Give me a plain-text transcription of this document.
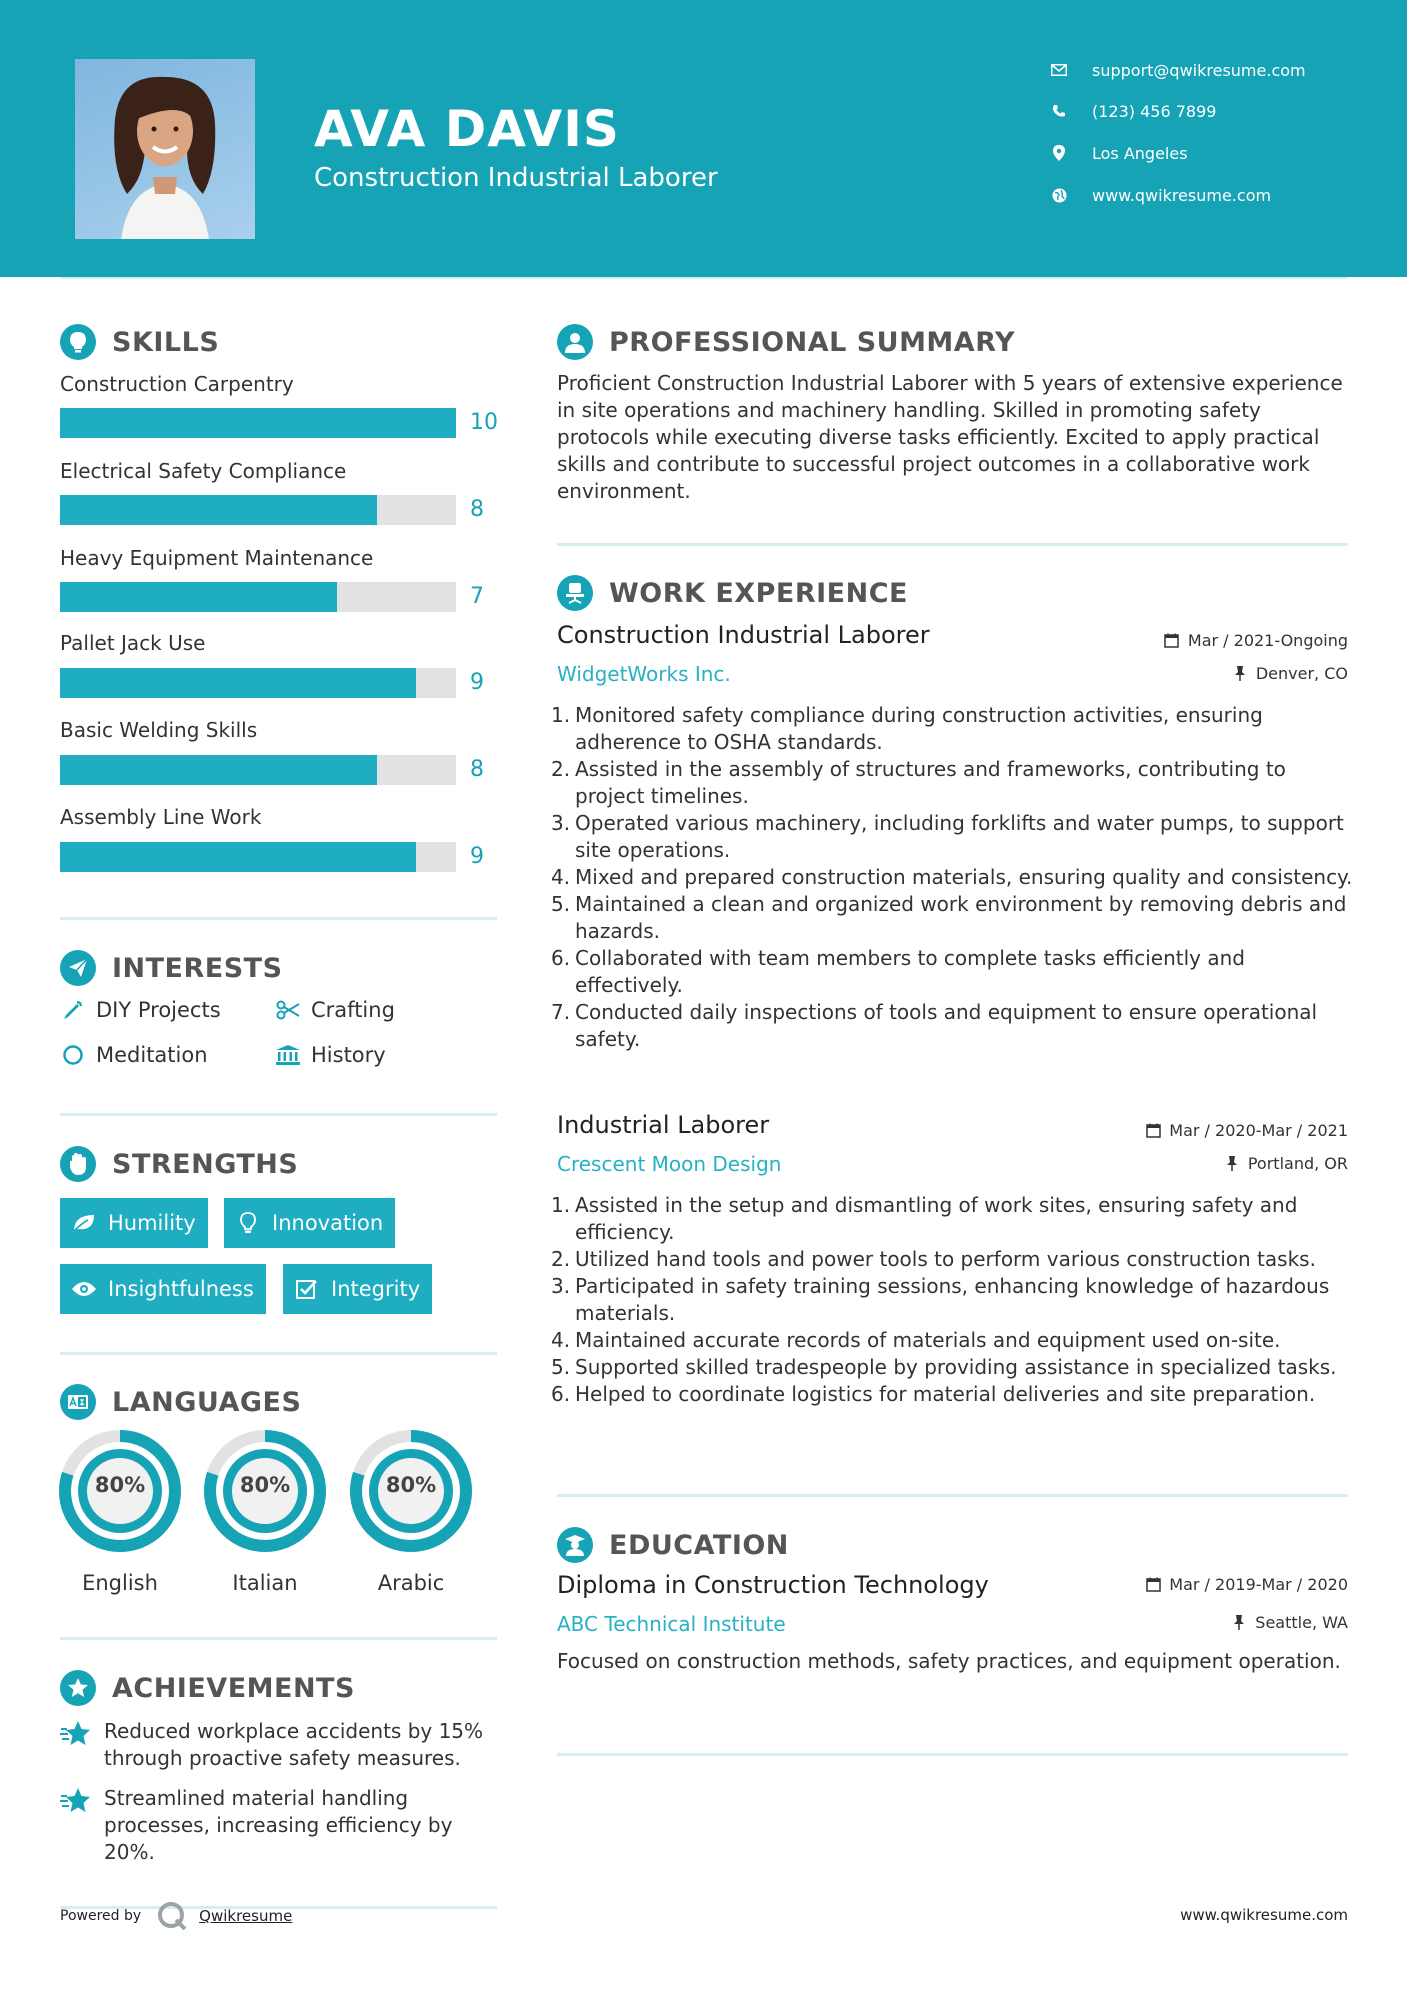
AVA DAVIS
Construction Industrial Laborer
support@qwikresume.com
(123) 456 7899
Los Angeles
www.qwikresume.com
SKILLS
Construction Carpentry
10
Electrical Safety Compliance
8
Heavy Equipment Maintenance
7
Pallet Jack Use
9
Basic Welding Skills
8
Assembly Line Work
9
INTERESTS
DIY Projects	Crafting
Meditation	History
STRENGTHS
Humility	Innovation
Insightfulness	Integrity
LANGUAGES
80%
English
80%
Italian
80%
Arabic
ACHIEVEMENTS
Reduced workplace accidents by 15% through proactive safety measures.
Streamlined material handling processes, increasing efficiency by 20%.
PROFESSIONAL SUMMARY
Proficient Construction Industrial Laborer with 5 years of extensive experience in site operations and machinery handling. Skilled in promoting safety protocols while executing diverse tasks efficiently. Excited to apply practical skills and contribute to successful project outcomes in a collaborative work environment.
WORK EXPERIENCE
Construction Industrial Laborer	Mar / 2021-Ongoing
WidgetWorks Inc.	Denver, CO
1. Monitored safety compliance during construction activities, ensuring adherence to OSHA standards.
2. Assisted in the assembly of structures and frameworks, contributing to project timelines.
3. Operated various machinery, including forklifts and water pumps, to support site operations.
4. Mixed and prepared construction materials, ensuring quality and consistency.
5. Maintained a clean and organized work environment by removing debris and hazards.
6. Collaborated with team members to complete tasks efficiently and effectively.
7. Conducted daily inspections of tools and equipment to ensure operational safety.
Industrial Laborer	Mar / 2020-Mar / 2021
Crescent Moon Design	Portland, OR
1. Assisted in the setup and dismantling of work sites, ensuring safety and efficiency.
2. Utilized hand tools and power tools to perform various construction tasks.
3. Participated in safety training sessions, enhancing knowledge of hazardous materials.
4. Maintained accurate records of materials and equipment used on-site.
5. Supported skilled tradespeople by providing assistance in specialized tasks.
6. Helped to coordinate logistics for material deliveries and site preparation.
EDUCATION
Diploma in Construction Technology	Mar / 2019-Mar / 2020
ABC Technical Institute	Seattle, WA
Focused on construction methods, safety practices, and equipment operation.
Powered by	Qwikresume	www.qwikresume.com
